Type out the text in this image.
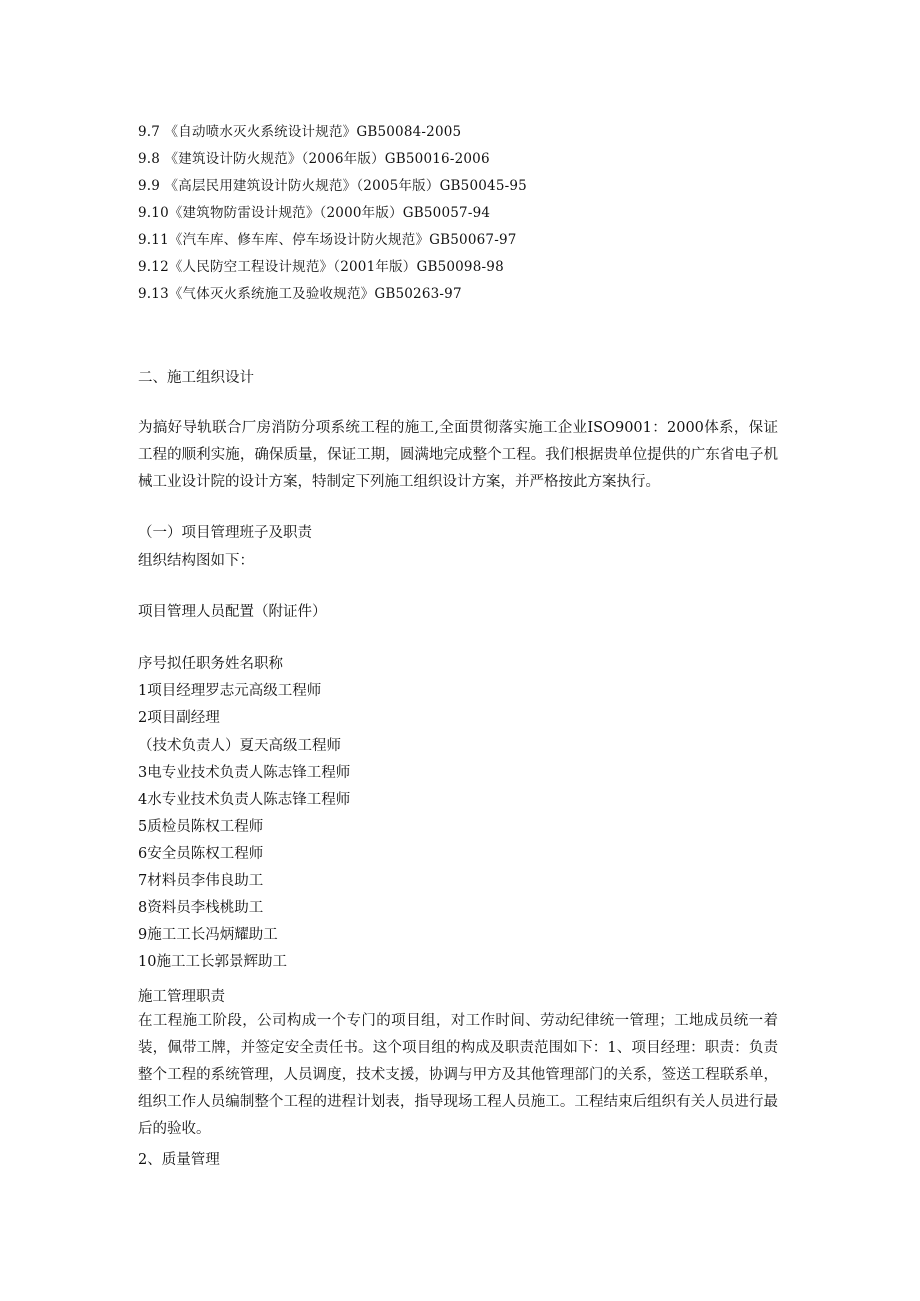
9.7 《自动喷水灭火系统设计规范》GB50084-2005
9.8 《建筑设计防火规范》（2006年版）GB50016-2006
9.9 《高层民用建筑设计防火规范》（2005年版）GB50045-95
9.10《建筑物防雷设计规范》（2000年版）GB50057-94
9.11《汽车库、修车库、停车场设计防火规范》GB50067-97
9.12《人民防空工程设计规范》（2001年版）GB50098-98
9.13《气体灭火系统施工及验收规范》GB50263-97
二、施工组织设计
为搞好导轨联合厂房消防分项系统工程的施工,全面贯彻落实施工企业ISO9001：2000体系，保证工程的顺利实施，确保质量，保证工期，圆满地完成整个工程。我们根据贵单位提供的广东省电子机械工业设计院的设计方案，特制定下列施工组织设计方案，并严格按此方案执行。
（一）项目管理班子及职责
组织结构图如下：
项目管理人员配置（附证件）
序号拟任职务姓名职称
1项目经理罗志元高级工程师
2项目副经理
（技术负责人）夏天高级工程师
3电专业技术负责人陈志锋工程师
4水专业技术负责人陈志锋工程师
5质检员陈权工程师
6安全员陈权工程师
7材料员李伟良助工
8资料员李栈桃助工
9施工工长冯炳耀助工
10施工工长郭景辉助工
施工管理职责
在工程施工阶段，公司构成一个专门的项目组，对工作时间、劳动纪律统一管理；工地成员统一着装，佩带工牌，并签定安全责任书。这个项目组的构成及职责范围如下：1、项目经理：职责：负责整个工程的系统管理，人员调度，技术支援，协调与甲方及其他管理部门的关系，签送工程联系单，组织工作人员编制整个工程的进程计划表，指导现场工程人员施工。工程结束后组织有关人员进行最后的验收。
2、质量管理
